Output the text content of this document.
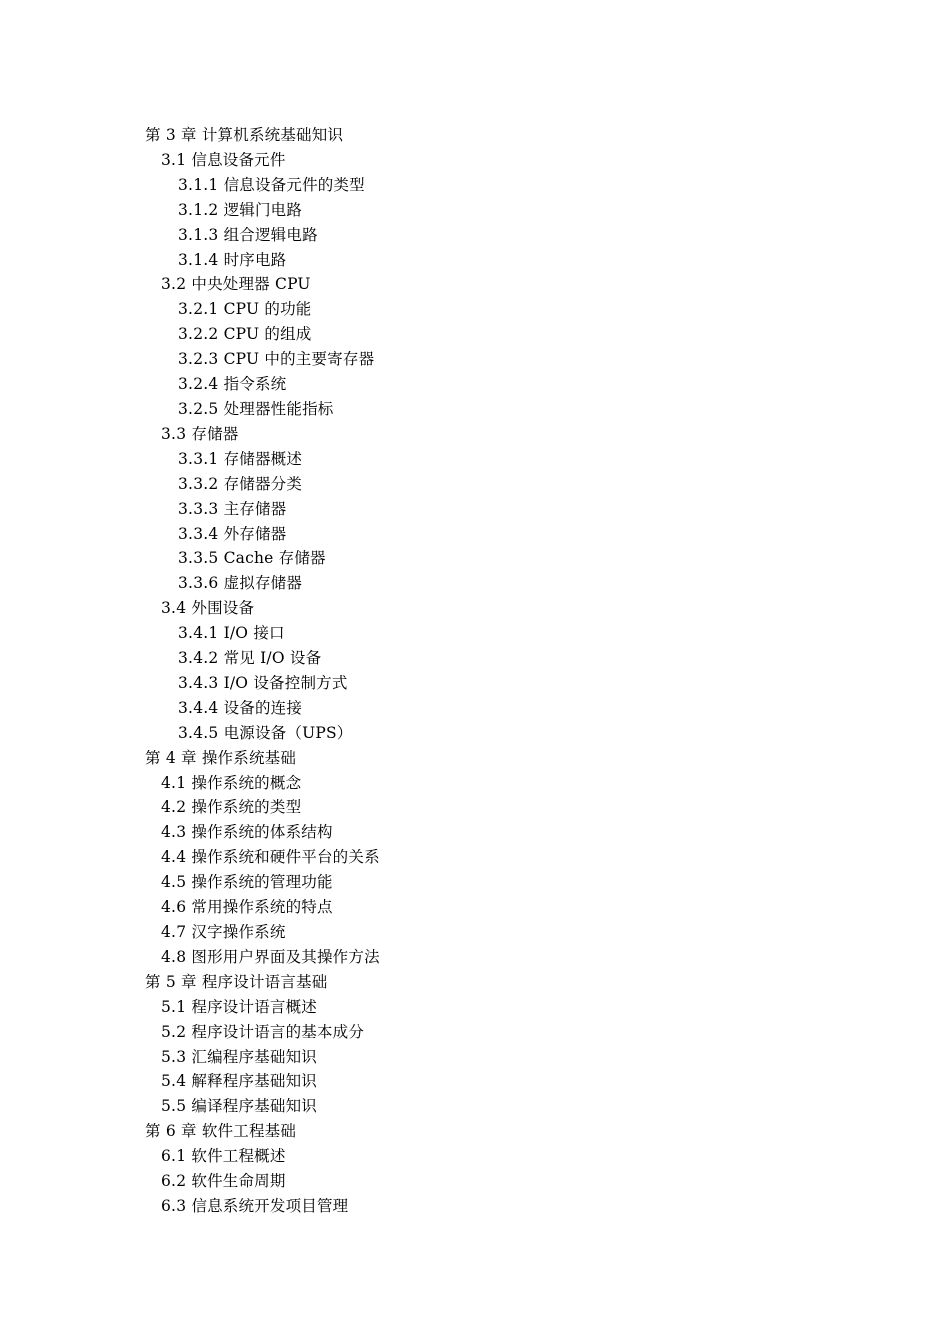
第 3 章 计算机系统基础知识
3.1 信息设备元件
3.1.1 信息设备元件的类型
3.1.2 逻辑门电路
3.1.3 组合逻辑电路
3.1.4 时序电路
3.2 中央处理器 CPU
3.2.1 CPU 的功能
3.2.2 CPU 的组成
3.2.3 CPU 中的主要寄存器
3.2.4 指令系统
3.2.5 处理器性能指标
3.3 存储器
3.3.1 存储器概述
3.3.2 存储器分类
3.3.3 主存储器
3.3.4 外存储器
3.3.5 Cache 存储器
3.3.6 虚拟存储器
3.4 外围设备
3.4.1 I/O 接口
3.4.2 常见 I/O 设备
3.4.3 I/O 设备控制方式
3.4.4 设备的连接
3.4.5 电源设备（UPS）
第 4 章 操作系统基础
4.1 操作系统的概念
4.2 操作系统的类型
4.3 操作系统的体系结构
4.4 操作系统和硬件平台的关系
4.5 操作系统的管理功能
4.6 常用操作系统的特点
4.7 汉字操作系统
4.8 图形用户界面及其操作方法
第 5 章 程序设计语言基础
5.1 程序设计语言概述
5.2 程序设计语言的基本成分
5.3 汇编程序基础知识
5.4 解释程序基础知识
5.5 编译程序基础知识
第 6 章 软件工程基础
6.1 软件工程概述
6.2 软件生命周期
6.3 信息系统开发项目管理
